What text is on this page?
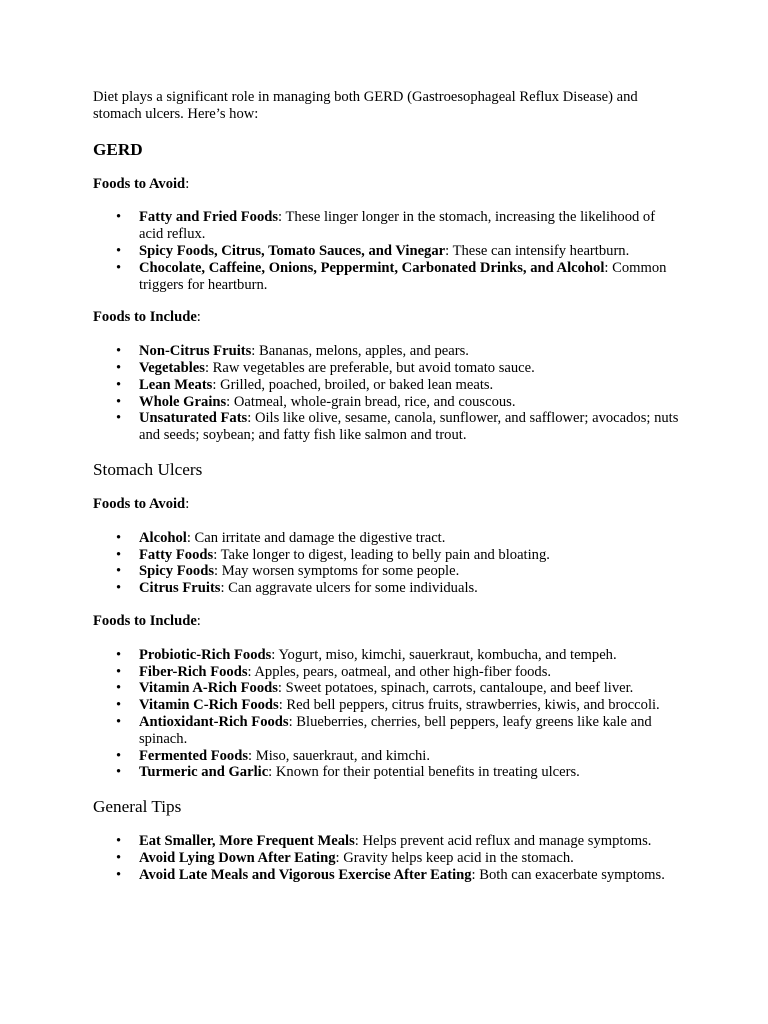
Diet plays a significant role in managing both GERD (Gastroesophageal Reflux Disease) and stomach ulcers. Here’s how:

GERD

Foods to Avoid:

• Fatty and Fried Foods: These linger longer in the stomach, increasing the likelihood of acid reflux.
• Spicy Foods, Citrus, Tomato Sauces, and Vinegar: These can intensify heartburn.
• Chocolate, Caffeine, Onions, Peppermint, Carbonated Drinks, and Alcohol: Common triggers for heartburn.

Foods to Include:

• Non-Citrus Fruits: Bananas, melons, apples, and pears.
• Vegetables: Raw vegetables are preferable, but avoid tomato sauce.
• Lean Meats: Grilled, poached, broiled, or baked lean meats.
• Whole Grains: Oatmeal, whole-grain bread, rice, and couscous.
• Unsaturated Fats: Oils like olive, sesame, canola, sunflower, and safflower; avocados; nuts and seeds; soybean; and fatty fish like salmon and trout.
Stomach Ulcers

Foods to Avoid:

• Alcohol: Can irritate and damage the digestive tract.
• Fatty Foods: Take longer to digest, leading to belly pain and bloating.
• Spicy Foods: May worsen symptoms for some people.
• Citrus Fruits: Can aggravate ulcers for some individuals.

Foods to Include:

• Probiotic-Rich Foods: Yogurt, miso, kimchi, sauerkraut, kombucha, and tempeh.
• Fiber-Rich Foods: Apples, pears, oatmeal, and other high-fiber foods.
• Vitamin A-Rich Foods: Sweet potatoes, spinach, carrots, cantaloupe, and beef liver.
• Vitamin C-Rich Foods: Red bell peppers, citrus fruits, strawberries, kiwis, and broccoli.
• Antioxidant-Rich Foods: Blueberries, cherries, bell peppers, leafy greens like kale and spinach.
• Fermented Foods: Miso, sauerkraut, and kimchi.
• Turmeric and Garlic: Known for their potential benefits in treating ulcers.
General Tips
• Eat Smaller, More Frequent Meals: Helps prevent acid reflux and manage symptoms.
• Avoid Lying Down After Eating: Gravity helps keep acid in the stomach.
• Avoid Late Meals and Vigorous Exercise After Eating: Both can exacerbate symptoms.
